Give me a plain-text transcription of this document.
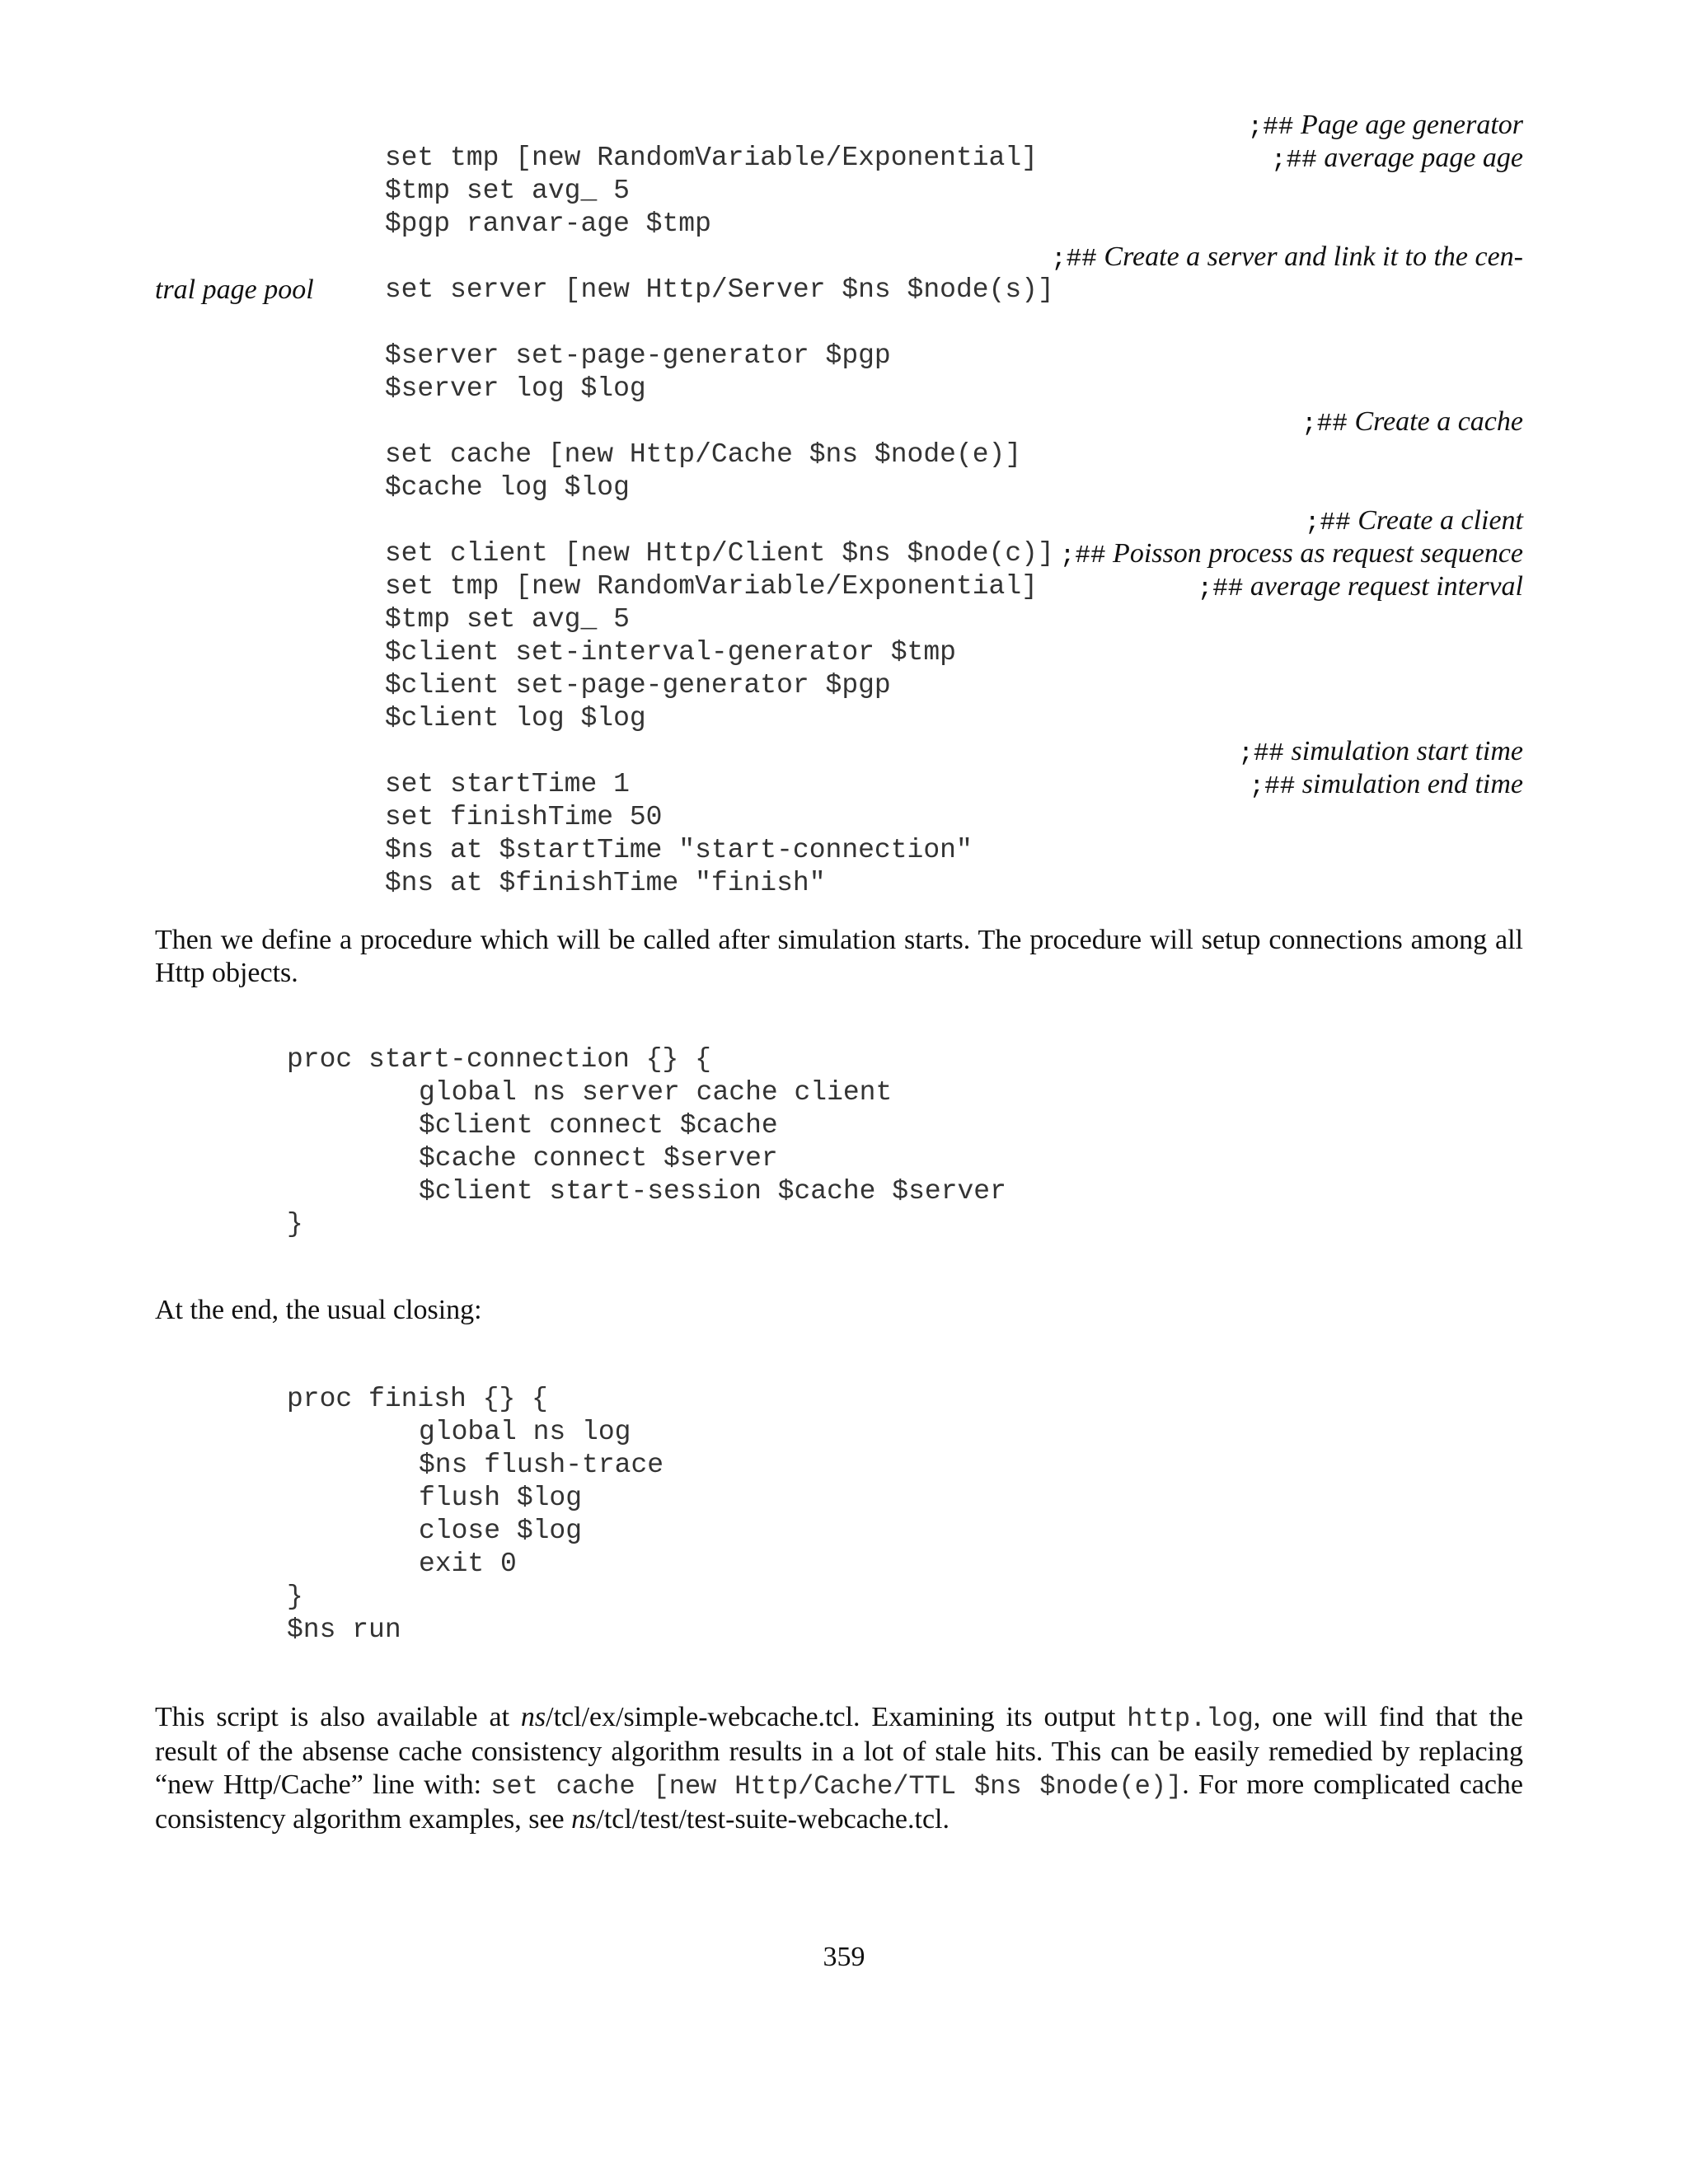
set tmp [new RandomVariable/Exponential]

;## Page age generator

$tmp set avg_ 5

;## average page age

$pgp ranvar-age $tmp

set server [new Http/Server $ns $node(s)]

;## Create a server and link it to the cen-

$server set-page-generator $pgp

$server log $log

set cache [new Http/Cache $ns $node(e)]

;## Create a cache

$cache log $log

set client [new Http/Client $ns $node(c)]

;## Create a client

set tmp [new RandomVariable/Exponential]

;## Poisson process as request sequence

$tmp set avg_ 5

;## average request interval

$client set-interval-generator $tmp

$client set-page-generator $pgp

$client log $log

set startTime 1

;## simulation start time

set finishTime 50

;## simulation end time

$ns at $startTime "start-connection"

$ns at $finishTime "finish"

tral page pool
Then we define a procedure which will be called after simulation starts. The procedure will setup connections among all Http objects.
proc start-connection {} {
global ns server cache client
$client connect $cache
$cache connect $server
$client start-session $cache $server
}
At the end, the usual closing:
proc finish {} {
global ns log
$ns flush-trace
flush $log
close $log
exit 0
}
$ns run
This script is also available at ns/tcl/ex/simple-webcache.tcl. Examining its output http.log, one will find that the result of the absense cache consistency algorithm results in a lot of stale hits. This can be easily remedied by replacing “new Http/Cache” line with: set cache [new Http/Cache/TTL $ns $node(e)]. For more complicated cache consistency algorithm examples, see ns/tcl/test/test-suite-webcache.tcl.
359
